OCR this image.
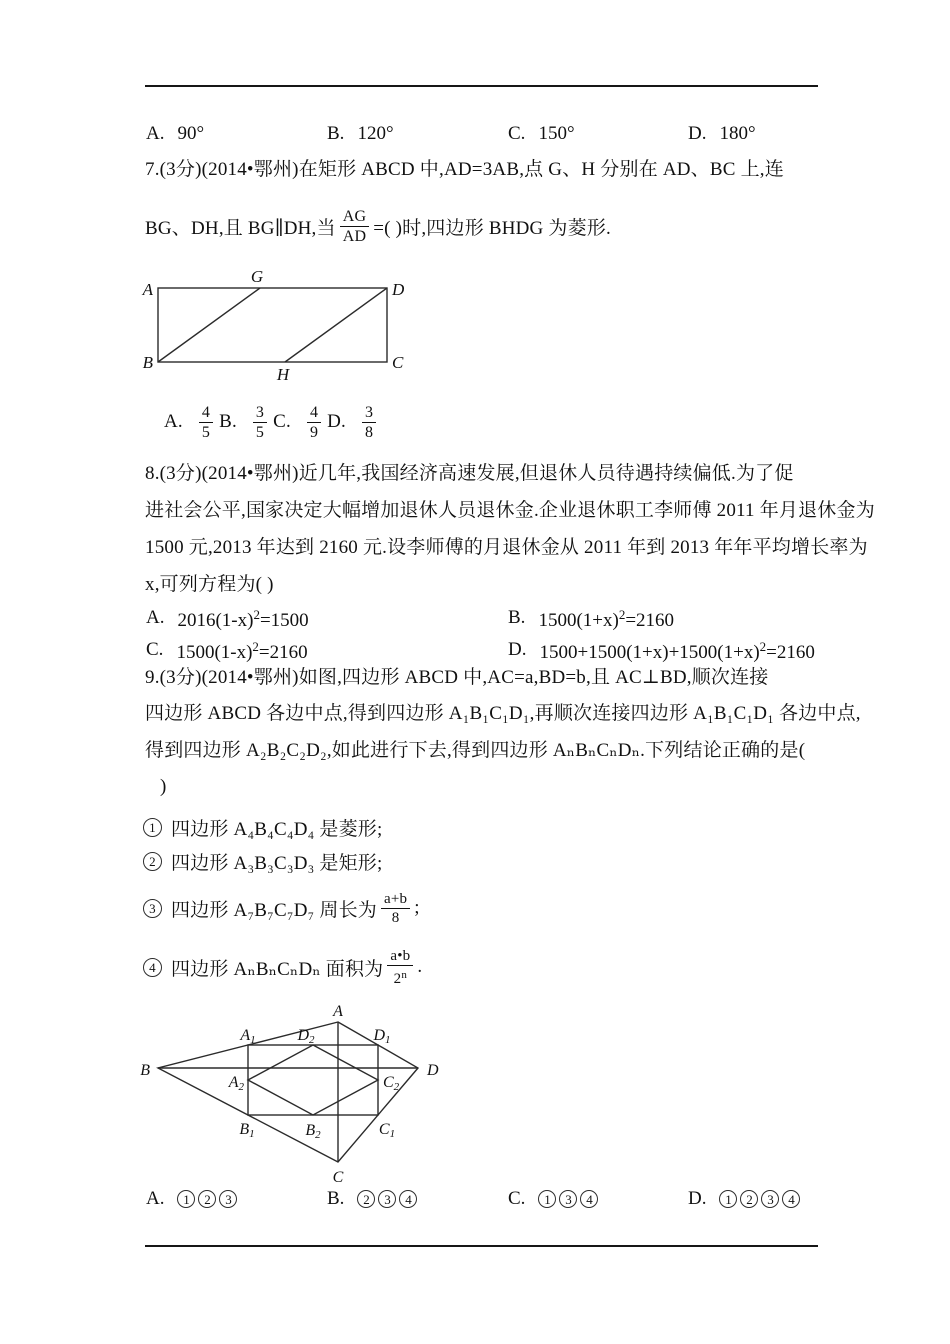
A. 90°	B. 120°	C. 150°	D. 180°
7.(3分)(2014•鄂州)在矩形 ABCD 中,AD=3AB,点 G、H 分别在 AD、BC 上,连
BG、DH,且 BG∥DH,当 $\frac{AG}{AD}$ =( )时,四边形 BHDG 为菱形.
A
G
D
B
H
C
A. $\frac{4}{5} B$. $\frac{3}{5} C$. $\frac{4}{9} D$. $\frac{3}{8}$
8.(3分)(2014•鄂州)近几年,我国经济高速发展,但退休人员待遇持续偏低.为了促
进社会公平,国家决定大幅增加退休人员退休金.企业退休职工李师傅 2011 年月退休金为
1500 元,2013 年达到 2160 元.设李师傅的月退休金从 2011 年到 2013 年年平均增长率为
x,可列方程为( )
A. $2016(1-x)^2=1500$	B. $1500(1+x)^2=2160$
C. $1500(1-x)^2=2160$	D. $1500+1500(1+x)+1500(1+x)^2=2160$
9.(3分)(2014•鄂州)如图,四边形 ABCD 中,AC=a,BD=b,且 AC⊥BD,顺次连接
四边形 ABCD 各边中点,得到四边形 A₁B₁C₁D₁,再顺次连接四边形 A₁B₁C₁D₁ 各边中点,
得到四边形 A₂B₂C₂D₂,如此进行下去,得到四边形 AₙBₙCₙDₙ.下列结论正确的是(
)
1 四边形 A₄B₄C₄D₄ 是菱形;
2 四边形 A₃B₃C₃D₃ 是矩形;
3 四边形 A₇B₇C₇D₇ 周长为 $\frac{a+b}{8}$ ;
4 四边形 AₙBₙCₙDₙ 面积为 $\frac{a•b}{2^n}$ .
A
B
C
D
A1	D2	D1
A2	C2
B1	B2	C1
A.	1	2	3	B.	2	3	4	C.	1	3	4	D.	1	2	3	4
